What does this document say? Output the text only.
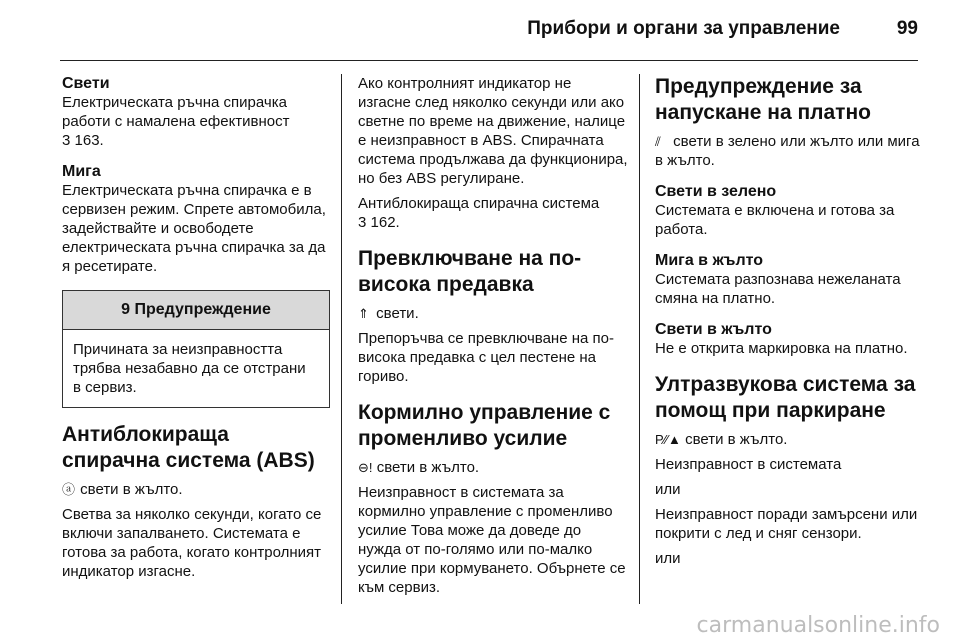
Прибори и органи за управление	99
Свети

Електрическата ръчна спирачка работи с намалена ефективност
3 163.

Мига

Електрическата ръчна спирачка е в сервизен режим. Спрете автомобила, задействайте и освободете електрическата ръчна спирачка за да я ресетирате.

9 Предупреждение
Причината за неизправността трябва незабавно да се отстрани в сервиз.
Антиблокираща спирачна система (ABS)

ⓐ свети в жълто.

Светва за няколко секунди, когато се включи запалването. Системата е готова за работа, когато контролният индикатор изгасне.

Ако контролният индикатор не изгасне след няколко секунди или ако светне по време на движение, налице е неизправност в ABS. Спирачната система продължава да функционира, но без ABS регулиране.

Антиблокираща спирачна система
3 162.

Превключване на по-висока предавка

⇑ свети.

Препоръчва се превключване на по-висока предавка с цел пестене на гориво.

Кормилно управление с променливо усилие

⊖! свети в жълто.

Неизправност в системата за кормилно управление с променливо усилие Това може да доведе до нужда от по-голямо или по-малко усилие при кормуването. Обърнете се към сервиз.

Предупреждение за напускане на платно

⫽ свети в зелено или жълто или мига в жълто.

Свети в зелено

Системата е включена и готова за работа.

Мига в жълто

Системата разпознава нежеланата смяна на платно.

Свети в жълто

Не е открита маркировка на платно.

Ултразвукова система за помощ при паркиране

P⁄⁄▲ свети в жълто.

Неизправност в системата

или

Неизправност поради замърсени или покрити с лед и сняг сензори.

или

carmanualsonline.info
